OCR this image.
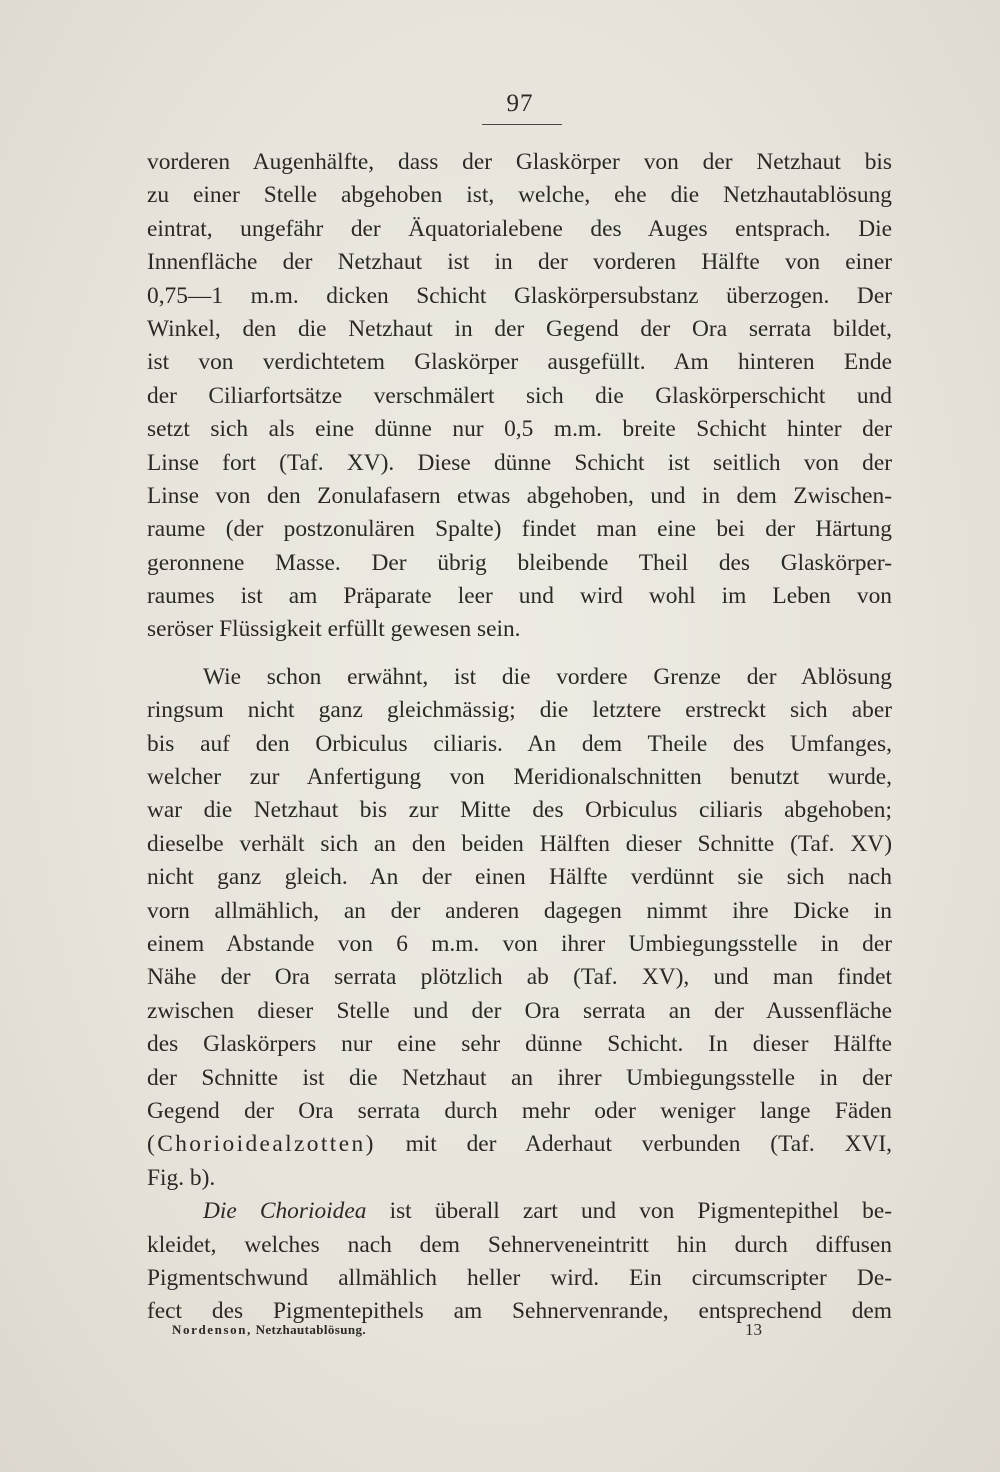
97
vorderen Augenhälfte, dass der Glaskörper von der Netzhaut bis
zu einer Stelle abgehoben ist, welche, ehe die Netzhautablösung
eintrat, ungefähr der Äquatorialebene des Auges entsprach. Die
Innenfläche der Netzhaut ist in der vorderen Hälfte von einer
0,75—1 m.m. dicken Schicht Glaskörpersubstanz überzogen. Der
Winkel, den die Netzhaut in der Gegend der Ora serrata bildet,
ist von verdichtetem Glaskörper ausgefüllt. Am hinteren Ende
der Ciliarfortsätze verschmälert sich die Glaskörperschicht und
setzt sich als eine dünne nur 0,5 m.m. breite Schicht hinter der
Linse fort (Taf. XV). Diese dünne Schicht ist seitlich von der
Linse von den Zonulafasern etwas abgehoben, und in dem Zwischen-
raume (der postzonulären Spalte) findet man eine bei der Härtung
geronnene Masse. Der übrig bleibende Theil des Glaskörper-
raumes ist am Präparate leer und wird wohl im Leben von
seröser Flüssigkeit erfüllt gewesen sein.
Wie schon erwähnt, ist die vordere Grenze der Ablösung
ringsum nicht ganz gleichmässig; die letztere erstreckt sich aber
bis auf den Orbiculus ciliaris. An dem Theile des Umfanges,
welcher zur Anfertigung von Meridionalschnitten benutzt wurde,
war die Netzhaut bis zur Mitte des Orbiculus ciliaris abgehoben;
dieselbe verhält sich an den beiden Hälften dieser Schnitte (Taf. XV)
nicht ganz gleich. An der einen Hälfte verdünnt sie sich nach
vorn allmählich, an der anderen dagegen nimmt ihre Dicke in
einem Abstande von 6 m.m. von ihrer Umbiegungsstelle in der
Nähe der Ora serrata plötzlich ab (Taf. XV), und man findet
zwischen dieser Stelle und der Ora serrata an der Aussenfläche
des Glaskörpers nur eine sehr dünne Schicht. In dieser Hälfte
der Schnitte ist die Netzhaut an ihrer Umbiegungsstelle in der
Gegend der Ora serrata durch mehr oder weniger lange Fäden
(Chorioidealzotten) mit der Aderhaut verbunden (Taf. XVI,
Fig. b).
Die Chorioidea ist überall zart und von Pigmentepithel be-
kleidet, welches nach dem Sehnerveneintritt hin durch diffusen
Pigmentschwund allmählich heller wird. Ein circumscripter De-
fect des Pigmentepithels am Sehnervenrande, entsprechend dem
Nordenson, Netzhautablösung.	13
